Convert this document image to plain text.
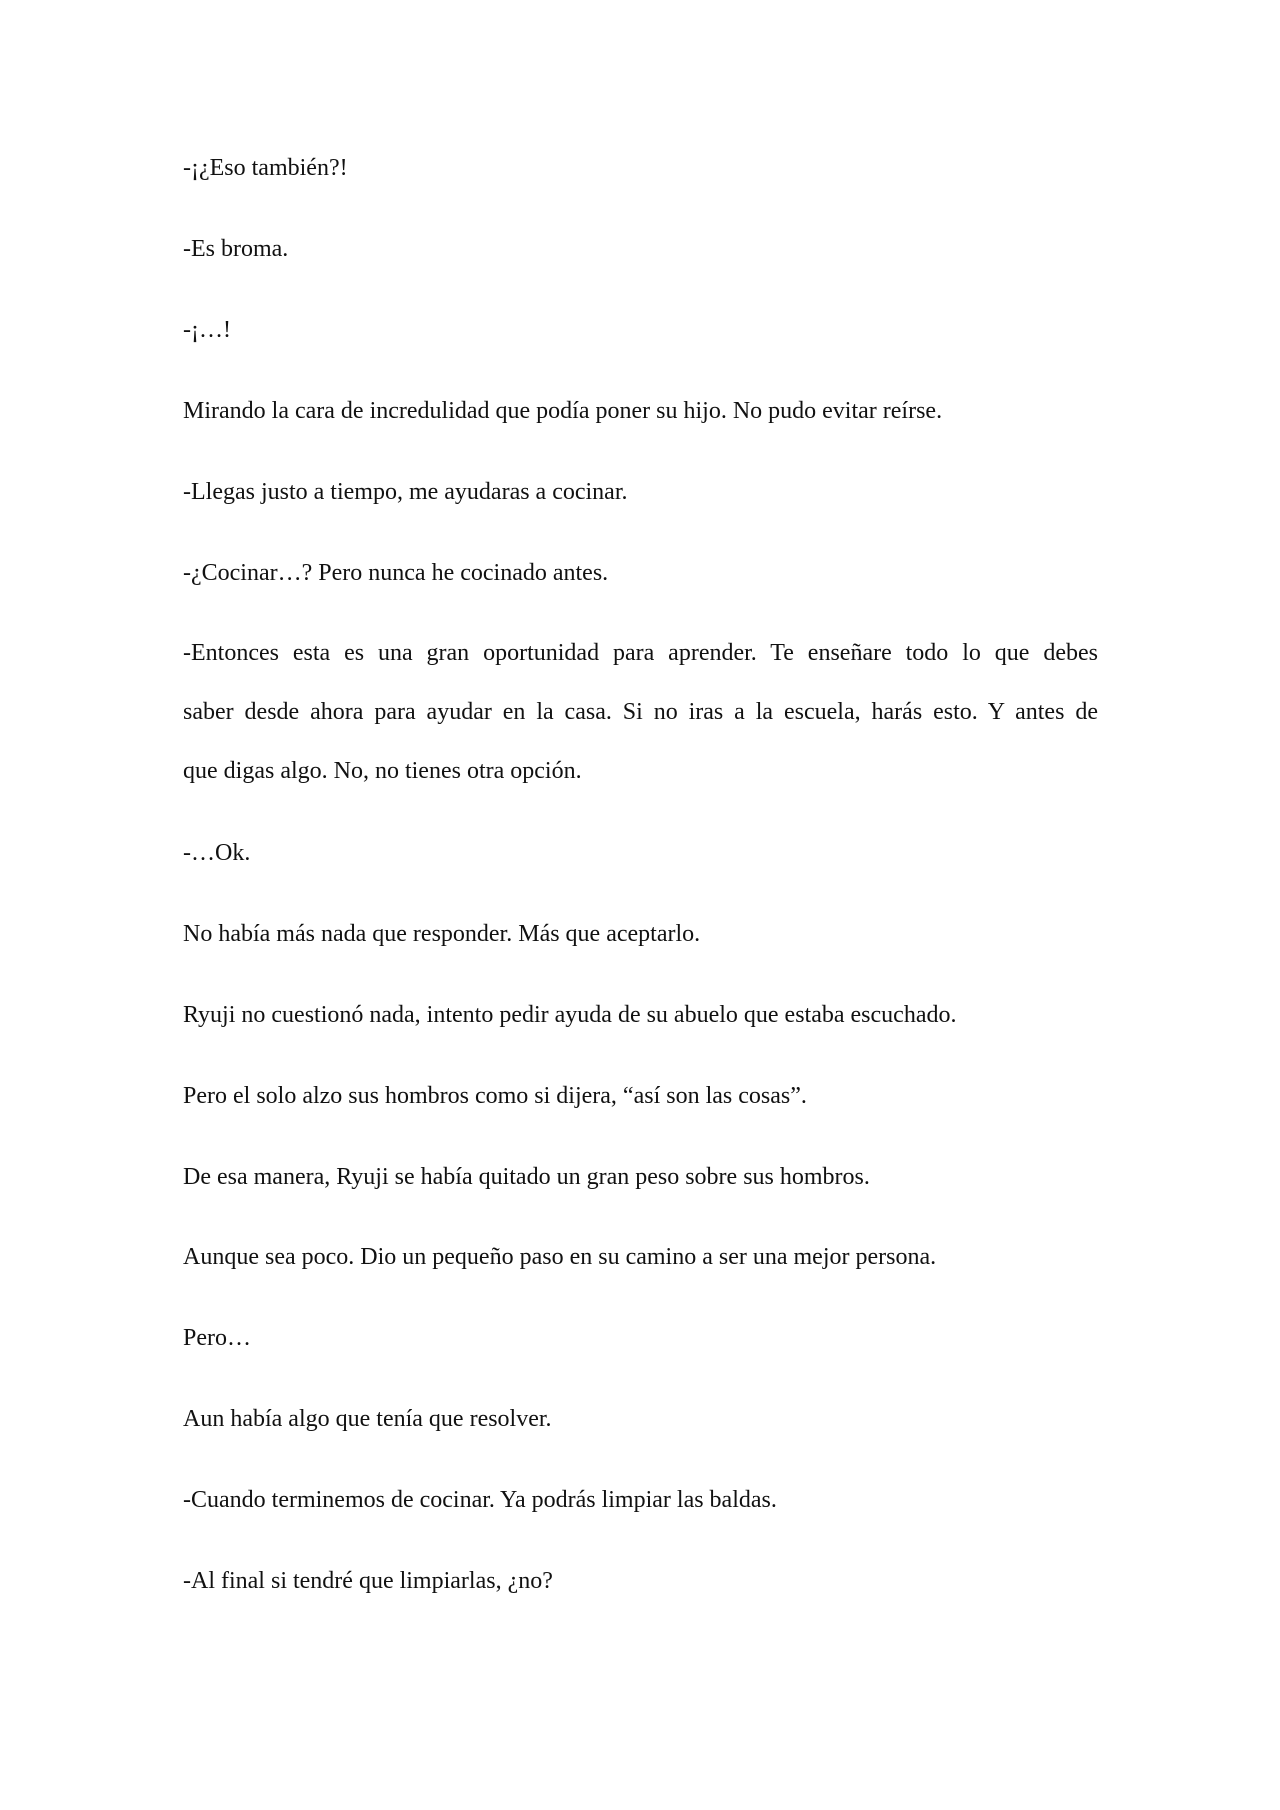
-¡¿Eso también?!

-Es broma.

-¡…!

Mirando la cara de incredulidad que podía poner su hijo. No pudo evitar reírse.

-Llegas justo a tiempo, me ayudaras a cocinar.

-¿Cocinar…? Pero nunca he cocinado antes.

-Entonces esta es una gran oportunidad para aprender. Te enseñare todo lo que debes

saber desde ahora para ayudar en la casa. Si no iras a la escuela, harás esto. Y antes de

que digas algo. No, no tienes otra opción.

-…Ok.

No había más nada que responder. Más que aceptarlo.

Ryuji no cuestionó nada, intento pedir ayuda de su abuelo que estaba escuchado.

Pero el solo alzo sus hombros como si dijera, “así son las cosas”.

De esa manera, Ryuji se había quitado un gran peso sobre sus hombros.

Aunque sea poco. Dio un pequeño paso en su camino a ser una mejor persona.

Pero…

Aun había algo que tenía que resolver.

-Cuando terminemos de cocinar. Ya podrás limpiar las baldas.

-Al final si tendré que limpiarlas, ¿no?
